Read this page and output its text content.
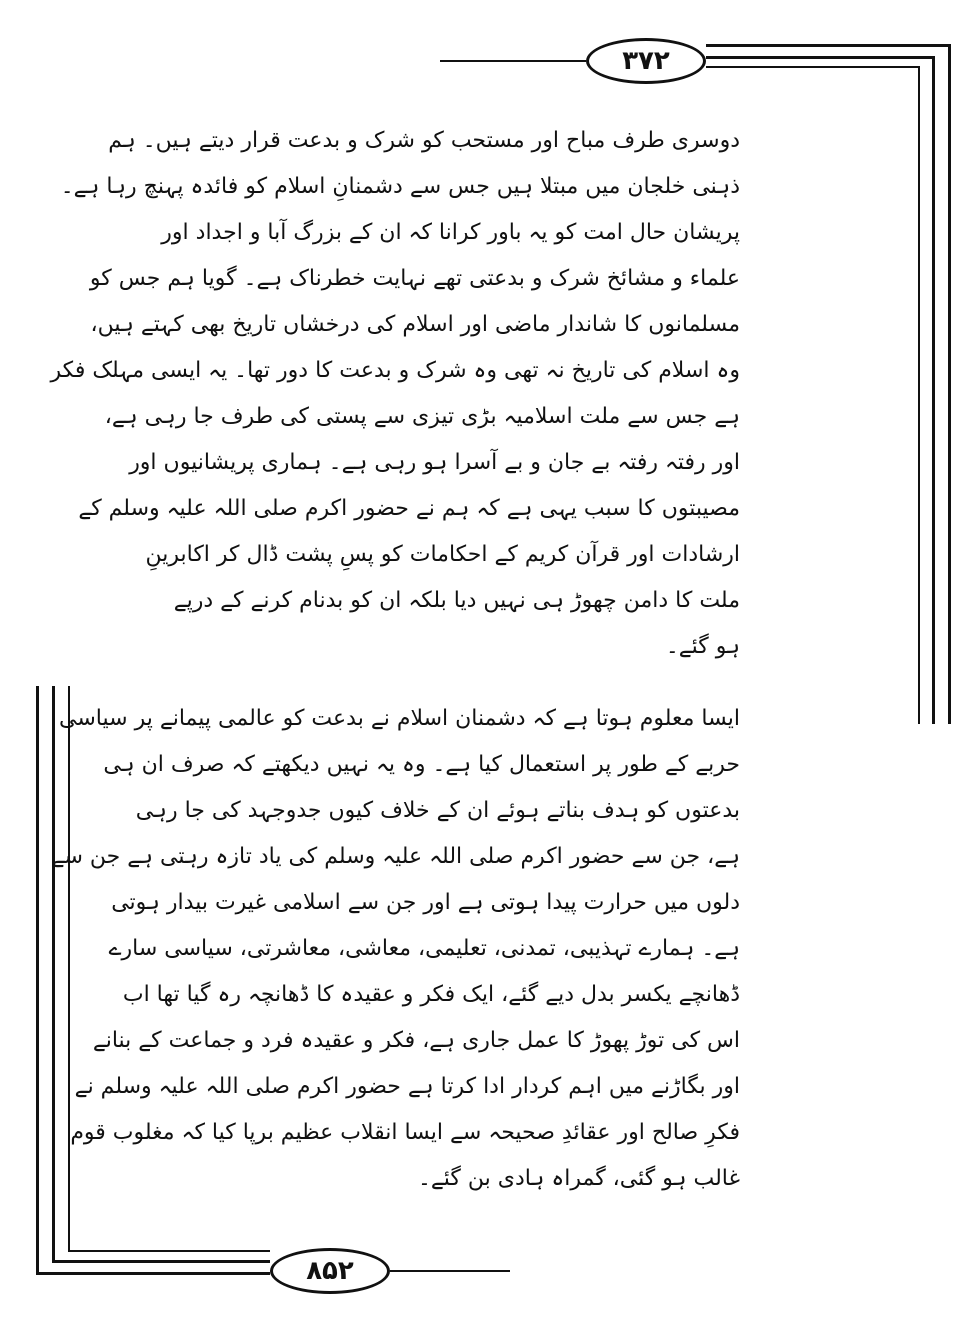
۳۷۲
۸۵۲
دوسری طرف مباح اور مستحب کو شرک و بدعت قرار دیتے ہیں۔ ہم
ذہنی خلجان میں مبتلا ہیں جس سے دشمنانِ اسلام کو فائدہ پہنچ رہا ہے۔
پریشان حال امت کو یہ باور کرانا کہ ان کے بزرگ آبا و اجداد اور
علماء و مشائخ شرک و بدعتی تھے نہایت خطرناک ہے۔ گویا ہم جس کو
مسلمانوں کا شاندار ماضی اور اسلام کی درخشاں تاریخ بھی کہتے ہیں،
وہ اسلام کی تاریخ نہ تھی وہ شرک و بدعت کا دور تھا۔ یہ ایسی مہلک فکر
ہے جس سے ملت اسلامیہ بڑی تیزی سے پستی کی طرف جا رہی ہے،
اور رفتہ رفتہ بے جان و بے آسرا ہو رہی ہے۔ ہماری پریشانیوں اور
مصیبتوں کا سبب یہی ہے کہ ہم نے حضور اکرم صلی اللہ علیہ وسلم کے
ارشادات اور قرآن کریم کے احکامات کو پسِ پشت ڈال کر اکابرینِ
ملت کا دامن چھوڑ ہی نہیں دیا بلکہ ان کو بدنام کرنے کے درپے
ہو گئے۔
ایسا معلوم ہوتا ہے کہ دشمنان اسلام نے بدعت کو عالمی پیمانے پر سیاسی
حربے کے طور پر استعمال کیا ہے۔ وہ یہ نہیں دیکھتے کہ صرف ان ہی
بدعتوں کو ہدف بناتے ہوئے ان کے خلاف کیوں جدوجہد کی جا رہی
ہے، جن سے حضور اکرم صلی اللہ علیہ وسلم کی یاد تازہ رہتی ہے جن سے
دلوں میں حرارت پیدا ہوتی ہے اور جن سے اسلامی غیرت بیدار ہوتی
ہے۔ ہمارے تہذیبی، تمدنی، تعلیمی، معاشی، معاشرتی، سیاسی سارے
ڈھانچے یکسر بدل دیے گئے، ایک فکر و عقیدہ کا ڈھانچہ رہ گیا تھا اب
اس کی توڑ پھوڑ کا عمل جاری ہے، فکر و عقیدہ فرد و جماعت کے بنانے
اور بگاڑنے میں اہم کردار ادا کرتا ہے حضور اکرم صلی اللہ علیہ وسلم نے
فکرِ صالح اور عقائدِ صحیحہ سے ایسا انقلاب عظیم برپا کیا کہ مغلوب قوم
غالب ہو گئی، گمراہ ہادی بن گئے۔
